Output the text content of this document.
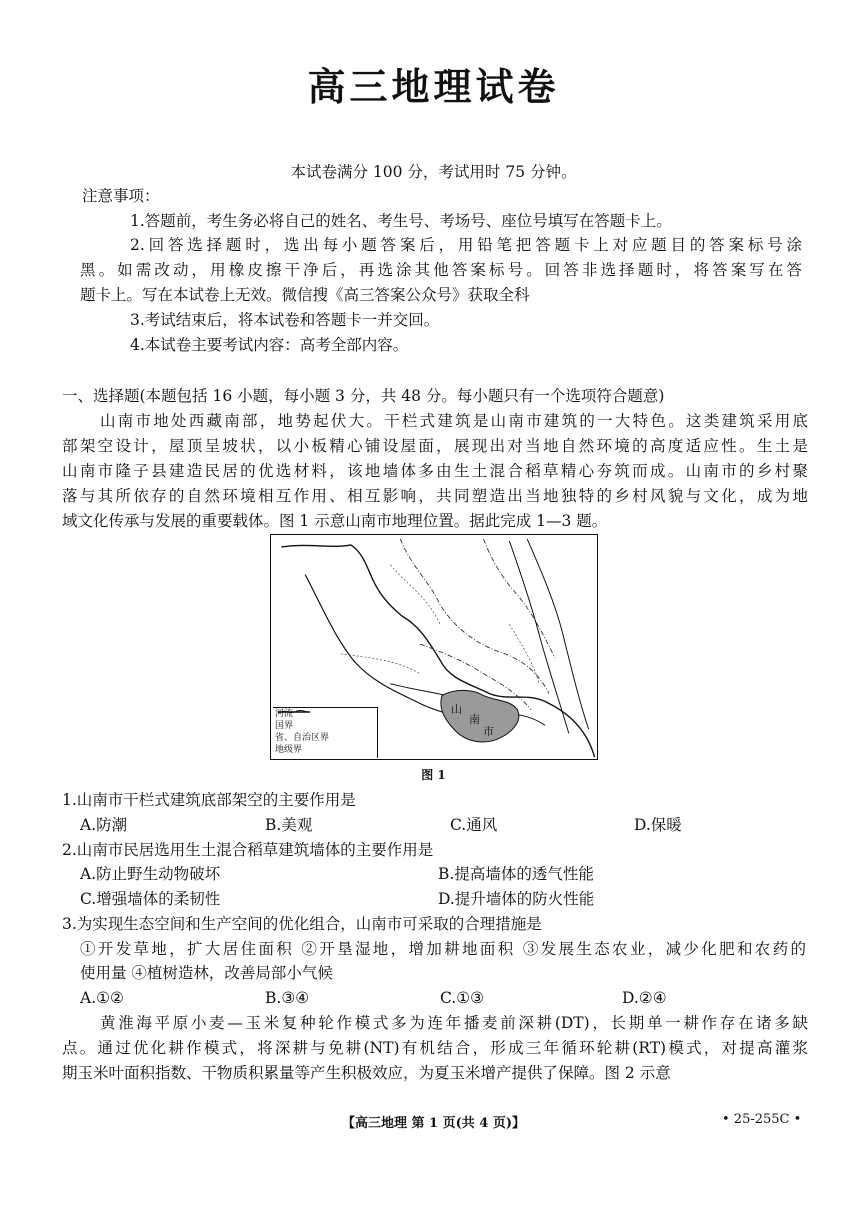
高三地理试卷
本试卷满分 100 分，考试用时 75 分钟。
注意事项：
1.答题前，考生务必将自己的姓名、考生号、考场号、座位号填写在答题卡上。
2.回答选择题时，选出每小题答案后，用铅笔把答题卡上对应题目的答案标号涂
黑。如需改动，用橡皮擦干净后，再选涂其他答案标号。回答非选择题时，将答案写在答
题卡上。写在本试卷上无效。微信搜《高三答案公众号》获取全科
3.考试结束后，将本试卷和答题卡一并交回。
4.本试卷主要考试内容：高考全部内容。
一、选择题(本题包括 16 小题，每小题 3 分，共 48 分。每小题只有一个选项符合题意)
山南市地处西藏南部，地势起伏大。干栏式建筑是山南市建筑的一大特色。这类建筑采用底
部架空设计，屋顶呈坡状，以小板精心铺设屋面，展现出对当地自然环境的高度适应性。生土是
山南市隆子县建造民居的优选材料，该地墙体多由生土混合稻草精心夯筑而成。山南市的乡村聚
落与其所依存的自然环境相互作用、相互影响，共同塑造出当地独特的乡村风貌与文化，成为地
域文化传承与发展的重要载体。图 1 示意山南市地理位置。据此完成 1—3 题。
山
南
市
河流
国界
省、自治区界
地级界
图 1
1.山南市干栏式建筑底部架空的主要作用是
A.防潮	B.美观	C.通风	D.保暖
2.山南市民居选用生土混合稻草建筑墙体的主要作用是
A.防止野生动物破坏	B.提高墙体的透气性能
C.增强墙体的柔韧性	D.提升墙体的防火性能
3.为实现生态空间和生产空间的优化组合，山南市可采取的合理措施是
①开发草地，扩大居住面积 ②开垦湿地，增加耕地面积 ③发展生态农业，减少化肥和农药的
使用量 ④植树造林，改善局部小气候
A.①②	B.③④	C.①③	D.②④
黄淮海平原小麦—玉米复种轮作模式多为连年播麦前深耕(DT)，长期单一耕作存在诸多缺
点。通过优化耕作模式，将深耕与免耕(NT)有机结合，形成三年循环轮耕(RT)模式，对提高灌浆
期玉米叶面积指数、干物质积累量等产生积极效应，为夏玉米增产提供了保障。图 2 示意
【高三地理 第 1 页(共 4 页)】	• 25-255C •
